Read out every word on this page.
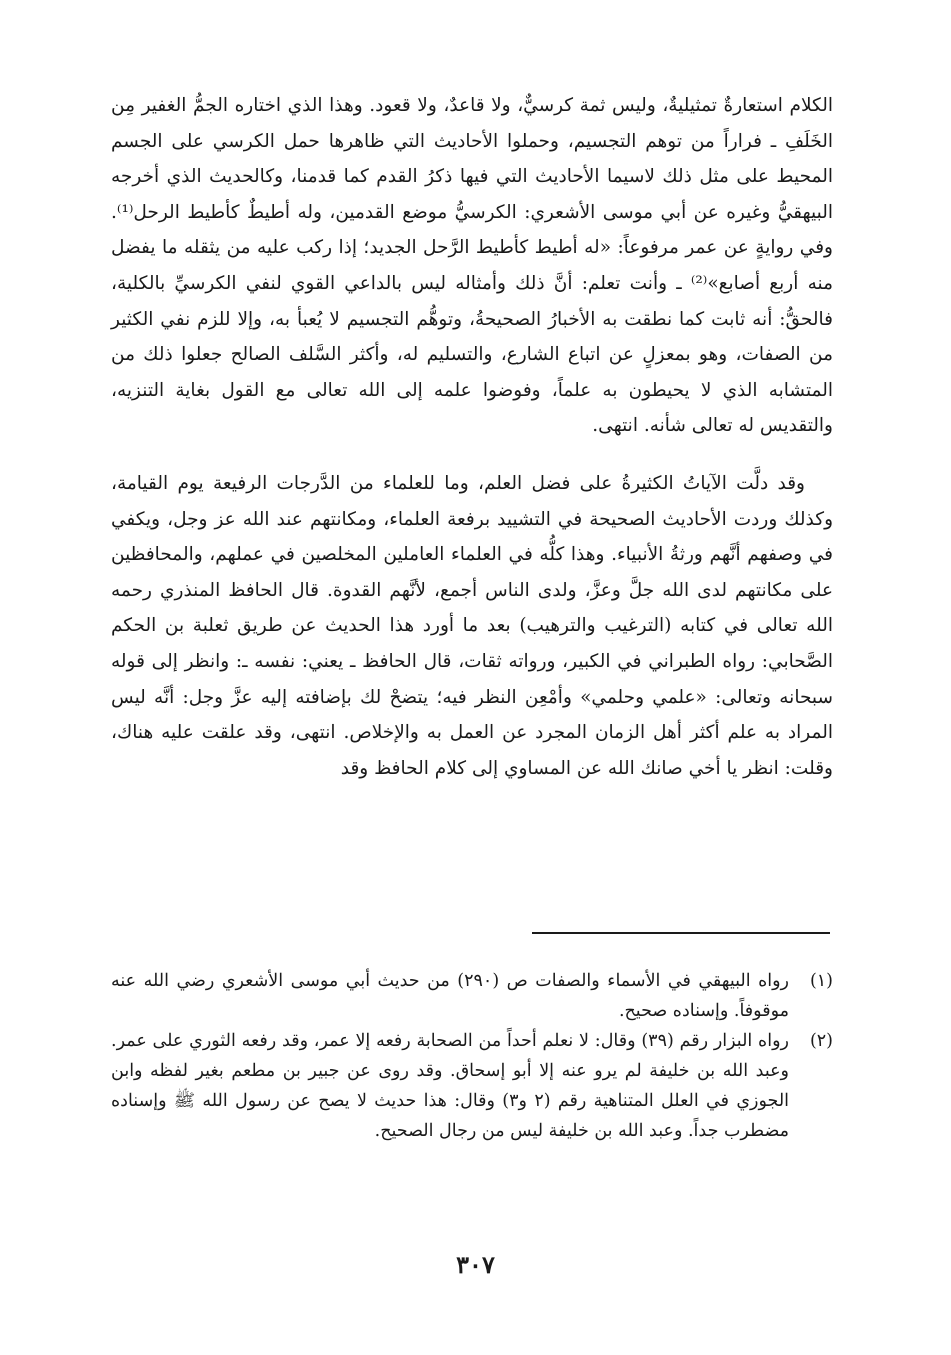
الكلام استعارةٌ تمثيليةٌ، وليس ثمة كرسيٌّ، ولا قاعدٌ، ولا قعود. وهذا الذي اختاره الجمُّ الغفير مِن الخَلَفِ ـ فراراً من توهم التجسيم، وحملوا الأحاديث التي ظاهرها حمل الكرسي على الجسم المحيط على مثل ذلك لاسيما الأحاديث التي فيها ذكرُ القدم كما قدمنا، وكالحديث الذي أخرجه البيهقيُّ وغيره عن أبي موسى الأشعري: الكرسيُّ موضع القدمين، وله أطيطٌ كأطيط الرحل⁽¹⁾. وفي روايةٍ عن عمر مرفوعاً: «له أطيط كأطيط الرَّحل الجديد؛ إذا ركب عليه من يثقله ما يفضل منه أربع أصابع»⁽²⁾ ـ وأنت تعلم: أنَّ ذلك وأمثاله ليس بالداعي القوي لنفي الكرسيِّ بالكلية، فالحقُّ: أنه ثابت كما نطقت به الأخبارُ الصحيحةُ، وتوهُّم التجسيم لا يُعبأ به، وإلا للزم نفي الكثير من الصفات، وهو بمعزلٍ عن اتباع الشارع، والتسليم له، وأكثر السَّلف الصالح جعلوا ذلك من المتشابه الذي لا يحيطون به علماً، وفوضوا علمه إلى الله تعالى مع القول بغاية التنزيه، والتقديس له تعالى شأنه. انتهى.

وقد دلَّت الآياتُ الكثيرةُ على فضل العلم، وما للعلماء من الدَّرجات الرفيعة يوم القيامة، وكذلك وردت الأحاديث الصحيحة في التشييد برفعة العلماء، ومكانتهم عند الله عز وجل، ويكفي في وصفهم أنَّهم ورثةُ الأنبياء. وهذا كلُّه في العلماء العاملين المخلصين في عملهم، والمحافظين على مكانتهم لدى الله جلَّ وعزَّ، ولدى الناس أجمع، لأنَّهم القدوة. قال الحافظ المنذري رحمه الله تعالى في كتابه (الترغيب والترهيب) بعد ما أورد هذا الحديث عن طريق ثعلبة بن الحكم الصَّحابي: رواه الطبراني في الكبير، ورواته ثقات، قال الحافظ ـ يعني: نفسه ـ: وانظر إلى قوله سبحانه وتعالى: «علمي وحلمي» وأمْعِن النظر فيه؛ يتضحْ لك بإضافته إليه عزَّ وجل: أنَّه ليس المراد به علم أكثر أهل الزمان المجرد عن العمل به والإخلاص. انتهى، وقد علقت عليه هناك، وقلت: انظر يا أخي صانك الله عن المساوي إلى كلام الحافظ وقد

(١)
رواه البيهقي في الأسماء والصفات ص (٢٩٠) من حديث أبي موسى الأشعري رضي الله عنه موقوفاً. وإسناده صحيح.
(٢)
رواه البزار رقم (٣٩) وقال: لا نعلم أحداً من الصحابة رفعه إلا عمر، وقد رفعه الثوري على عمر. وعبد الله بن خليفة لم يرو عنه إلا أبو إسحاق. وقد روى عن جبير بن مطعم بغير لفظه وابن الجوزي في العلل المتناهية رقم (٢ و٣) وقال: هذا حديث لا يصح عن رسول الله ﷺ وإسناده مضطرب جداً. وعبد الله بن خليفة ليس من رجال الصحيح.
٣٠٧
